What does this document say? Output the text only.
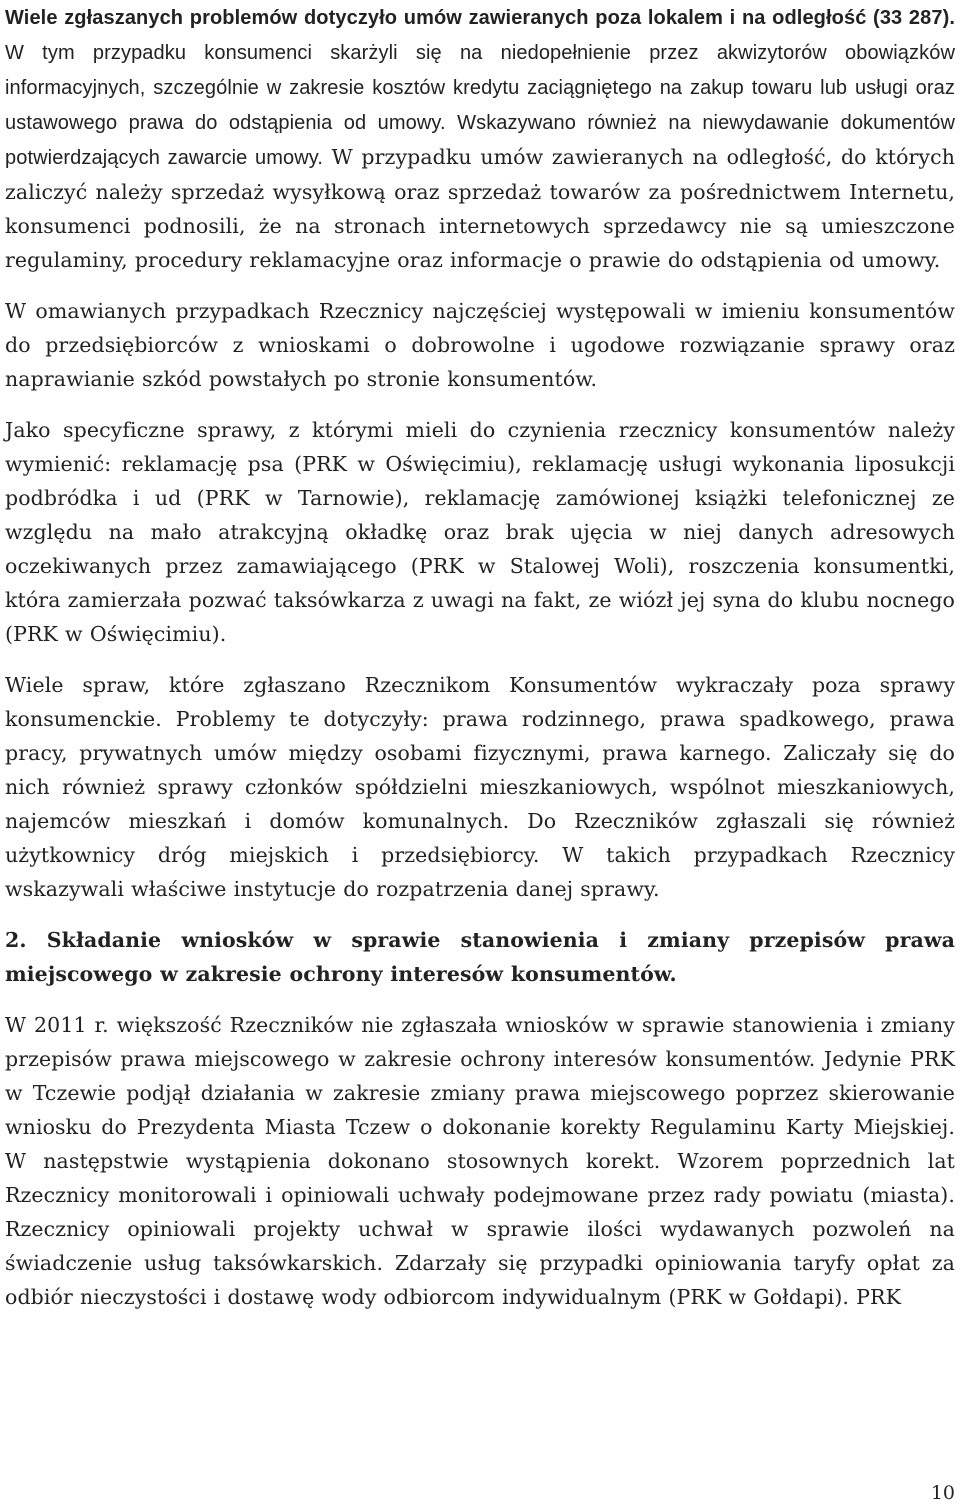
Wiele zgłaszanych problemów dotyczyło umów zawieranych poza lokalem i na odległość (33 287). W tym przypadku konsumenci skarżyli się na niedopełnienie przez akwizytorów obowiązków informacyjnych, szczególnie w zakresie kosztów kredytu zaciągniętego na zakup towaru lub usługi oraz ustawowego prawa do odstąpienia od umowy. Wskazywano również na niewydawanie dokumentów potwierdzających zawarcie umowy. W przypadku umów zawieranych na odległość, do których zaliczyć należy sprzedaż wysyłkową oraz sprzedaż towarów za pośrednictwem Internetu, konsumenci podnosili, że na stronach internetowych sprzedawcy nie są umieszczone regulaminy, procedury reklamacyjne oraz informacje o prawie do odstąpienia od umowy.

W omawianych przypadkach Rzecznicy najczęściej występowali w imieniu konsumentów do przedsiębiorców z wnioskami o dobrowolne i ugodowe rozwiązanie sprawy oraz naprawianie szkód powstałych po stronie konsumentów.

Jako specyficzne sprawy, z którymi mieli do czynienia rzecznicy konsumentów należy wymienić: reklamację psa (PRK w Oświęcimiu), reklamację usługi wykonania liposukcji podbródka i ud (PRK w Tarnowie), reklamację zamówionej książki telefonicznej ze względu na mało atrakcyjną okładkę oraz brak ujęcia w niej danych adresowych oczekiwanych przez zamawiającego (PRK w Stalowej Woli), roszczenia konsumentki, która zamierzała pozwać taksówkarza z uwagi na fakt, ze wiózł jej syna do klubu nocnego (PRK w Oświęcimiu).

Wiele spraw, które zgłaszano Rzecznikom Konsumentów wykraczały poza sprawy konsumenckie. Problemy te dotyczyły: prawa rodzinnego, prawa spadkowego, prawa pracy, prywatnych umów między osobami fizycznymi, prawa karnego. Zaliczały się do nich również sprawy członków spółdzielni mieszkaniowych, wspólnot mieszkaniowych, najemców mieszkań i domów komunalnych. Do Rzeczników zgłaszali się również użytkownicy dróg miejskich i przedsiębiorcy. W takich przypadkach Rzecznicy wskazywali właściwe instytucje do rozpatrzenia danej sprawy.

2. Składanie wniosków w sprawie stanowienia i zmiany przepisów prawa miejscowego w zakresie ochrony interesów konsumentów.

W 2011 r. większość Rzeczników nie zgłaszała wniosków w sprawie stanowienia i zmiany przepisów prawa miejscowego w zakresie ochrony interesów konsumentów. Jedynie PRK w Tczewie podjął działania w zakresie zmiany prawa miejscowego poprzez skierowanie wniosku do Prezydenta Miasta Tczew o dokonanie korekty Regulaminu Karty Miejskiej. W następstwie wystąpienia dokonano stosownych korekt. Wzorem poprzednich lat Rzecznicy monitorowali i opiniowali uchwały podejmowane przez rady powiatu (miasta). Rzecznicy opiniowali projekty uchwał w sprawie ilości wydawanych pozwoleń na świadczenie usług taksówkarskich. Zdarzały się przypadki opiniowania taryfy opłat za odbiór nieczystości i dostawę wody odbiorcom indywidualnym (PRK w Gołdapi). PRK

10
